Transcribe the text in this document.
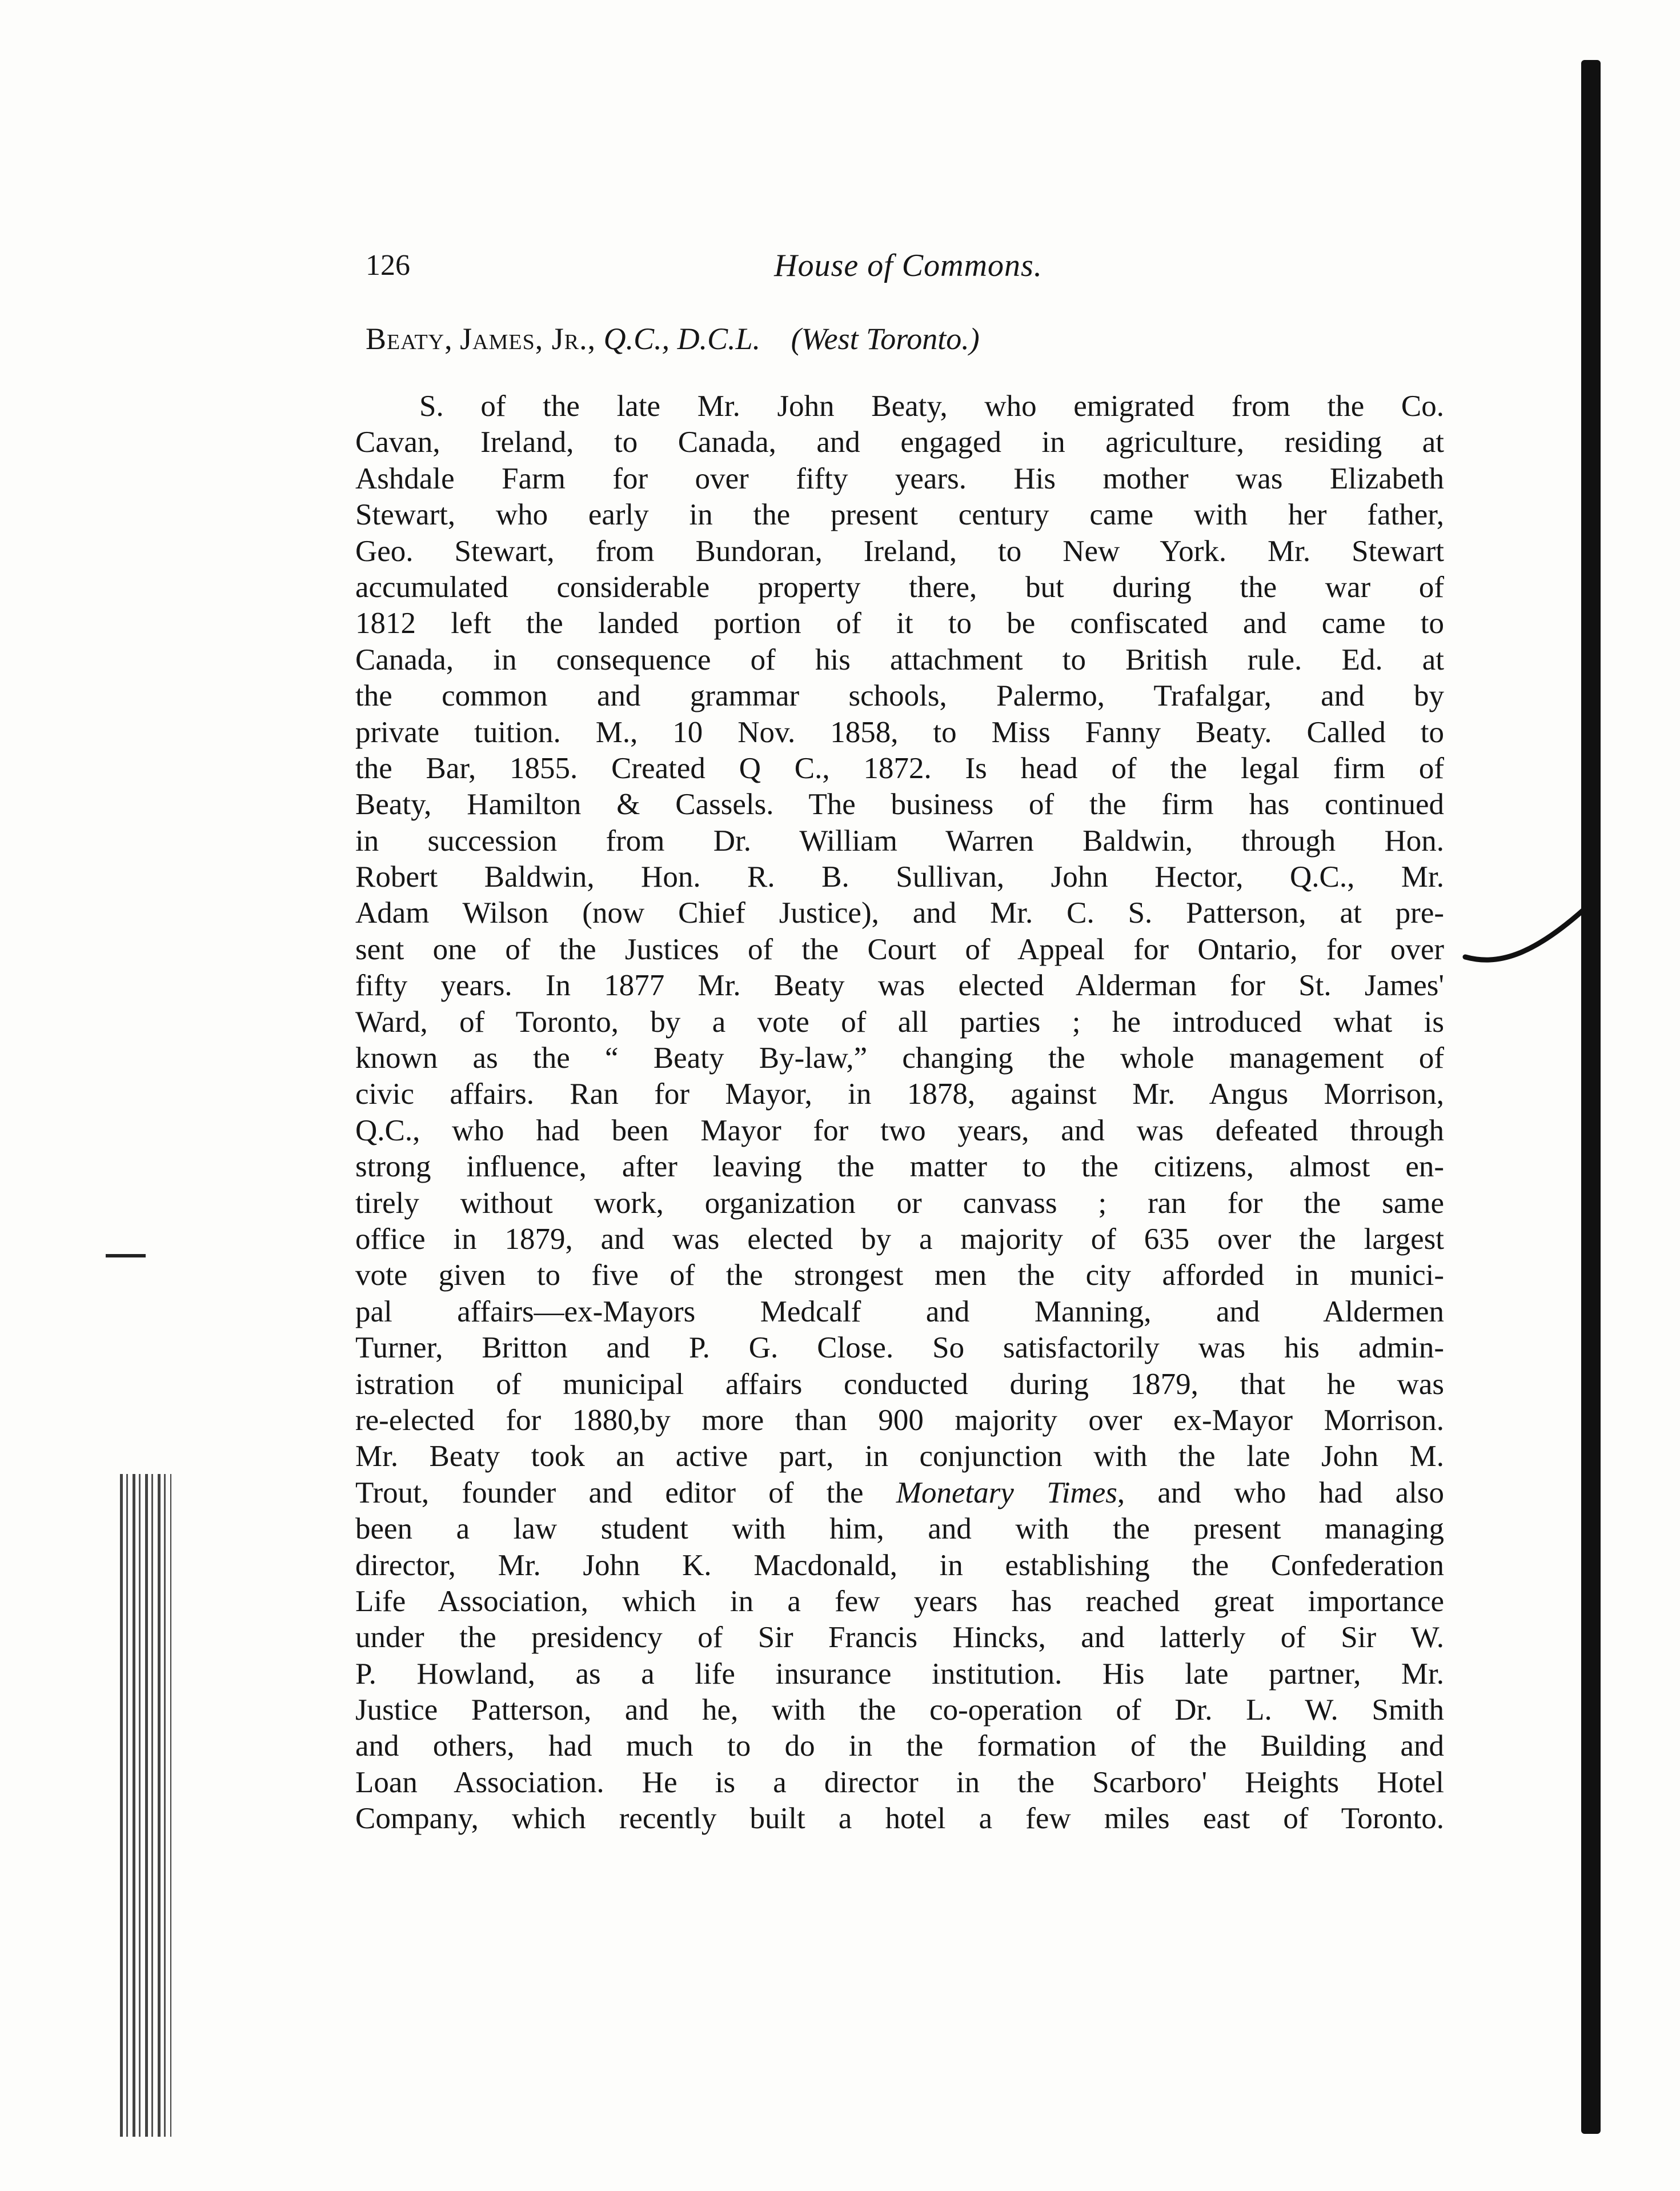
126	House of Commons.
Beaty, James, Jr., Q.C., D.C.L. (West Toronto.)
S. of the late Mr. John Beaty, who emigrated from the Co.
Cavan, Ireland, to Canada, and engaged in agriculture, residing at
Ashdale Farm for over fifty years. His mother was Elizabeth
Stewart, who early in the present century came with her father,
Geo. Stewart, from Bundoran, Ireland, to New York. Mr. Stewart
accumulated considerable property there, but during the war of
1812 left the landed portion of it to be confiscated and came to
Canada, in consequence of his attachment to British rule. Ed. at
the common and grammar schools, Palermo, Trafalgar, and by
private tuition. M., 10 Nov. 1858, to Miss Fanny Beaty. Called to
the Bar, 1855. Created Q C., 1872. Is head of the legal firm of
Beaty, Hamilton & Cassels. The business of the firm has continued
in succession from Dr. William Warren Baldwin, through Hon.
Robert Baldwin, Hon. R. B. Sullivan, John Hector, Q.C., Mr.
Adam Wilson (now Chief Justice), and Mr. C. S. Patterson, at pre-
sent one of the Justices of the Court of Appeal for Ontario, for over
fifty years. In 1877 Mr. Beaty was elected Alderman for St. James'
Ward, of Toronto, by a vote of all parties ; he introduced what is
known as the “ Beaty By-law,” changing the whole management of
civic affairs. Ran for Mayor, in 1878, against Mr. Angus Morrison,
Q.C., who had been Mayor for two years, and was defeated through
strong influence, after leaving the matter to the citizens, almost en-
tirely without work, organization or canvass ; ran for the same
office in 1879, and was elected by a majority of 635 over the largest
vote given to five of the strongest men the city afforded in munici-
pal affairs—ex-Mayors Medcalf and Manning, and Aldermen
Turner, Britton and P. G. Close. So satisfactorily was his admin-
istration of municipal affairs conducted during 1879, that he was
re-elected for 1880,by more than 900 majority over ex-Mayor Morrison.
Mr. Beaty took an active part, in conjunction with the late John M.
Trout, founder and editor of the Monetary Times, and who had also
been a law student with him, and with the present managing
director, Mr. John K. Macdonald, in establishing the Confederation
Life Association, which in a few years has reached great importance
under the presidency of Sir Francis Hincks, and latterly of Sir W.
P. Howland, as a life insurance institution. His late partner, Mr.
Justice Patterson, and he, with the co-operation of Dr. L. W. Smith
and others, had much to do in the formation of the Building and
Loan Association. He is a director in the Scarboro' Heights Hotel
Company, which recently built a hotel a few miles east of Toronto.
